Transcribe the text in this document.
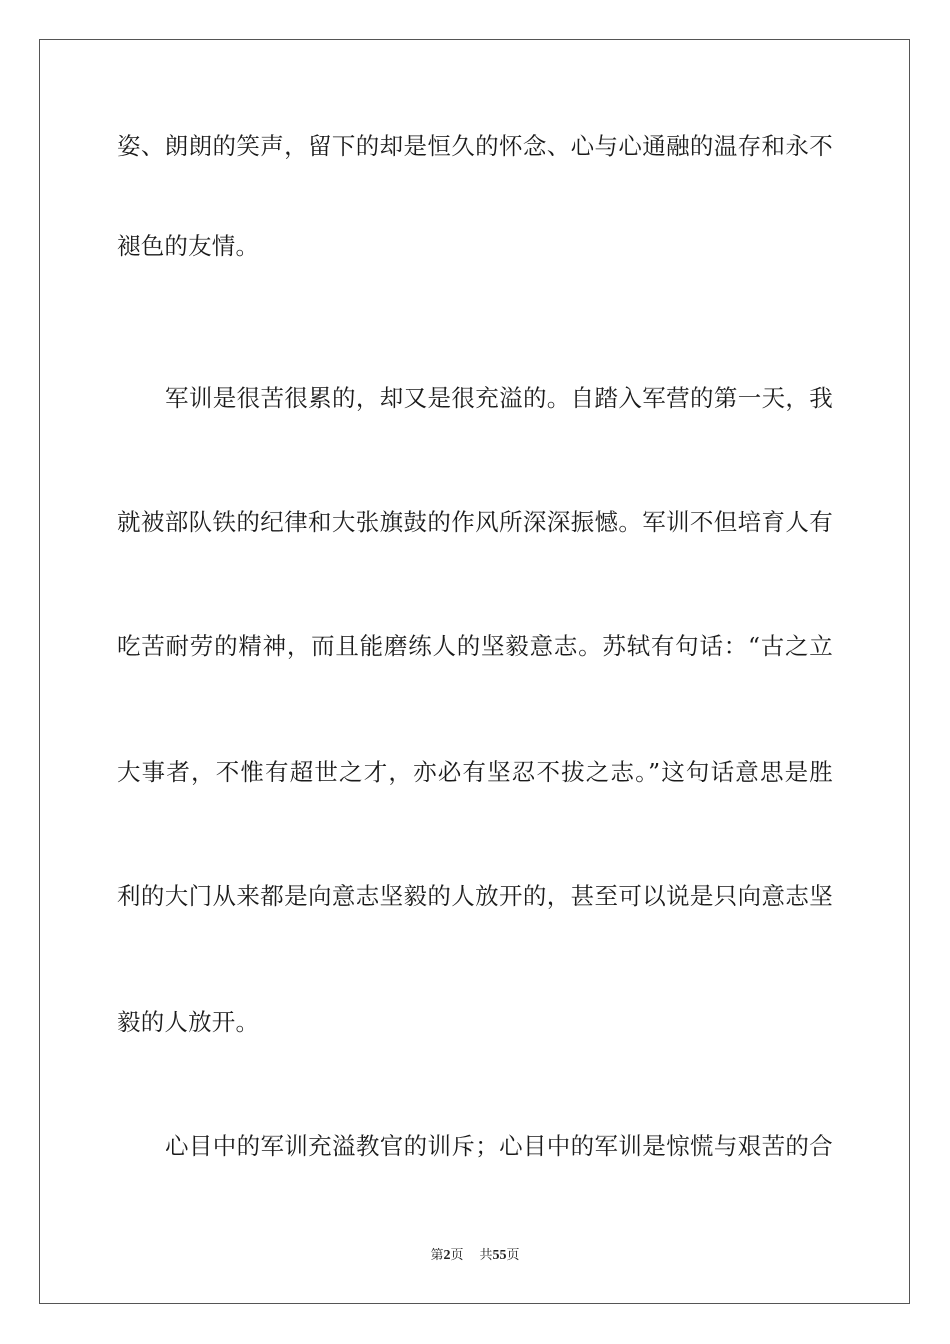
姿、朗朗的笑声，留下的却是恒久的怀念、心与心通融的温存和永不
褪色的友情。
军训是很苦很累的，却又是很充溢的。自踏入军营的第一天，我
就被部队铁的纪律和大张旗鼓的作风所深深振憾。军训不但培育人有
吃苦耐劳的精神，而且能磨练人的坚毅意志。苏轼有句话：“古之立
大事者，不惟有超世之才，亦必有坚忍不拔之志。”这句话意思是胜
利的大门从来都是向意志坚毅的人放开的，甚至可以说是只向意志坚
毅的人放开。
心目中的军训充溢教官的训斥；心目中的军训是惊慌与艰苦的合
第2页 共55页
